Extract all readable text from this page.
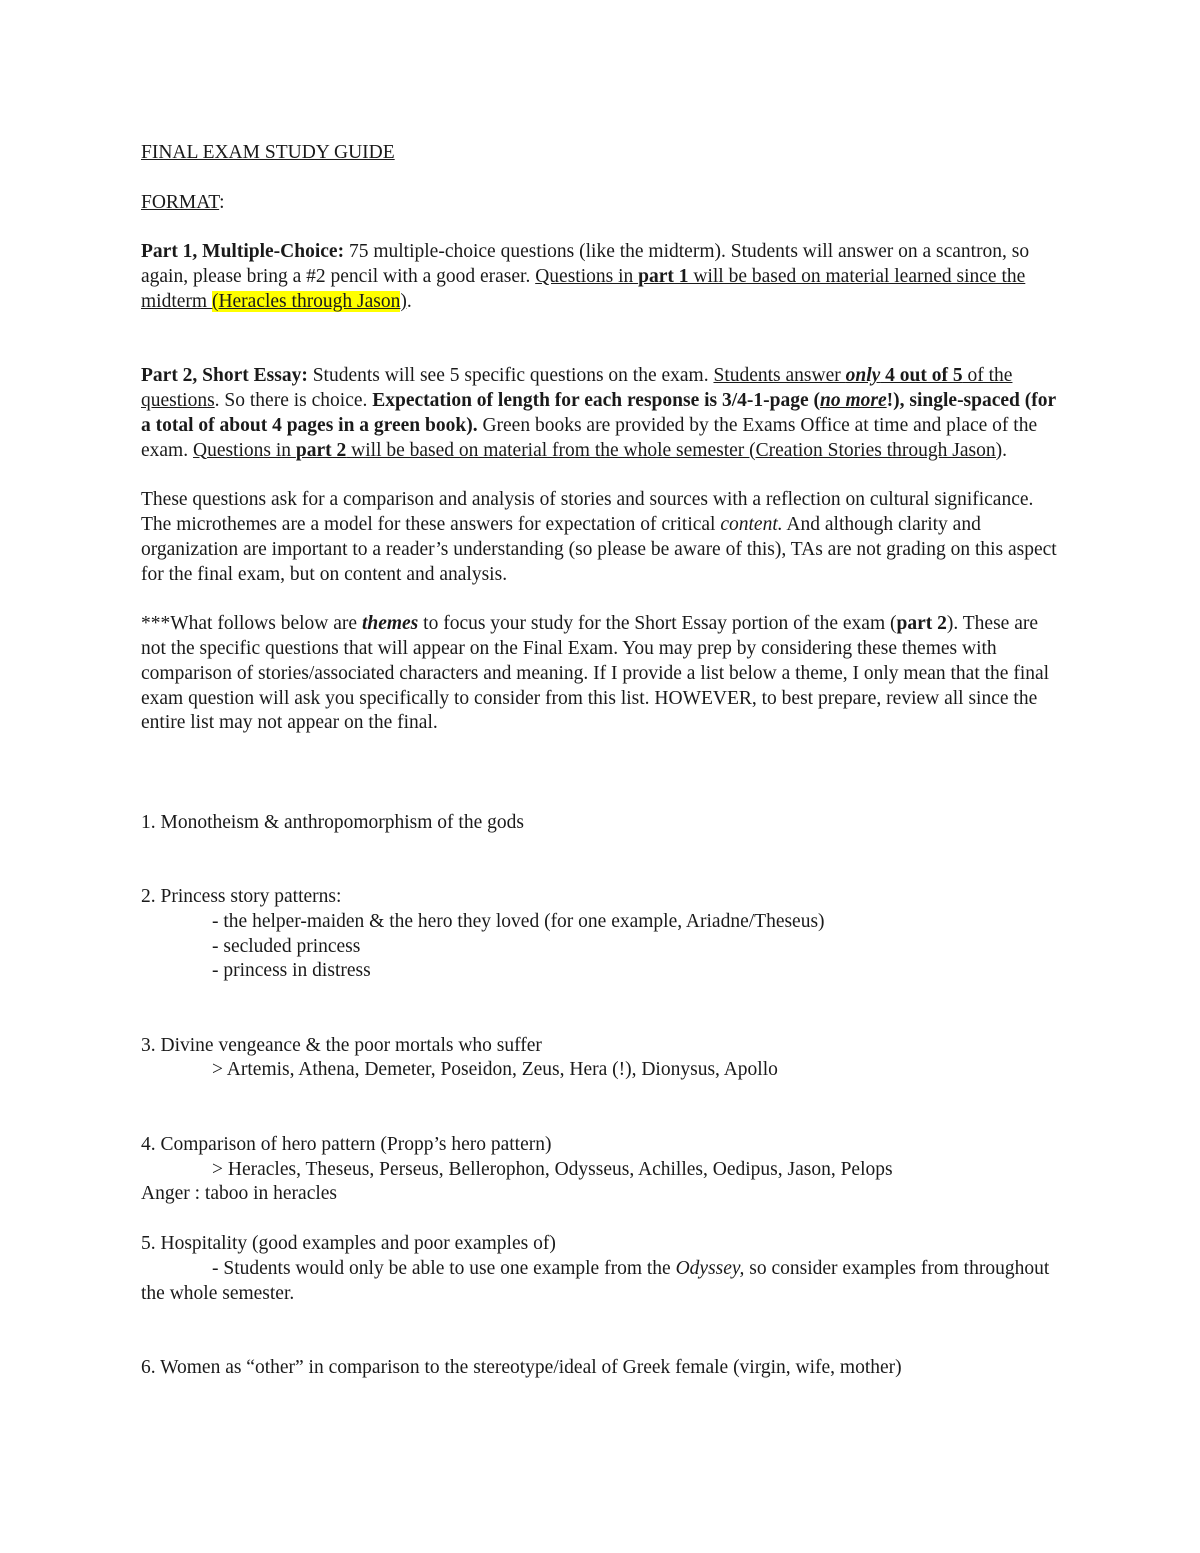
FINAL EXAM STUDY GUIDE

FORMAT:

Part 1, Multiple-Choice: 75 multiple-choice questions (like the midterm). Students will answer on a scantron, so again, please bring a #2 pencil with a good eraser. Questions in part 1 will be based on material learned since the midterm (Heracles through Jason).

Part 2, Short Essay: Students will see 5 specific questions on the exam. Students answer only 4 out of 5 of the questions. So there is choice. Expectation of length for each response is 3/4-1-page (no more!), single-spaced (for a total of about 4 pages in a green book). Green books are provided by the Exams Office at time and place of the exam. Questions in part 2 will be based on material from the whole semester (Creation Stories through Jason).

These questions ask for a comparison and analysis of stories and sources with a reflection on cultural significance. The microthemes are a model for these answers for expectation of critical content. And although clarity and organization are important to a reader’s understanding (so please be aware of this), TAs are not grading on this aspect for the final exam, but on content and analysis.

***What follows below are themes to focus your study for the Short Essay portion of the exam (part 2). These are not the specific questions that will appear on the Final Exam. You may prep by considering these themes with comparison of stories/associated characters and meaning. If I provide a list below a theme, I only mean that the final exam question will ask you specifically to consider from this list. HOWEVER, to best prepare, review all since the entire list may not appear on the final.

1. Monotheism & anthropomorphism of the gods

2. Princess story patterns:

- the helper-maiden & the hero they loved (for one example, Ariadne/Theseus)

- secluded princess

- princess in distress

3. Divine vengeance & the poor mortals who suffer

> Artemis, Athena, Demeter, Poseidon, Zeus, Hera (!), Dionysus, Apollo

4. Comparison of hero pattern (Propp’s hero pattern)

> Heracles, Theseus, Perseus, Bellerophon, Odysseus, Achilles, Oedipus, Jason, Pelops

Anger : taboo in heracles

5. Hospitality (good examples and poor examples of)

- Students would only be able to use one example from the Odyssey, so consider examples from throughout the whole semester.

6. Women as “other” in comparison to the stereotype/ideal of Greek female (virgin, wife, mother)
